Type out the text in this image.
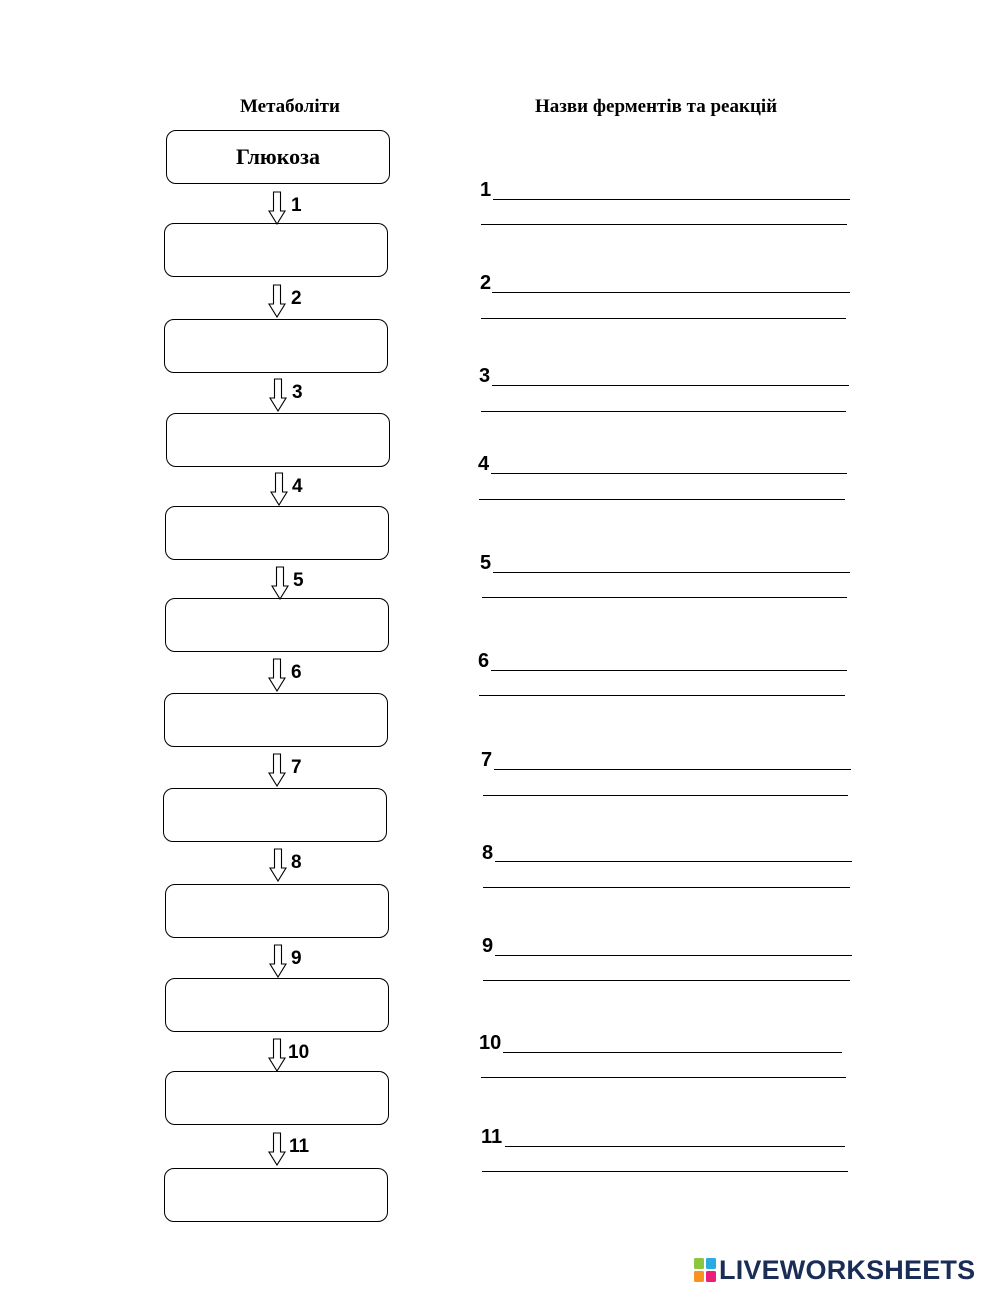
Метаболіти	Назви ферментів та реакцій
Глюкоза
1
2
3
4
5
6
7
8
9
10
11
1
2
3
4
5
6
7
8
9
10
11
LIVEWORKSHEETS
